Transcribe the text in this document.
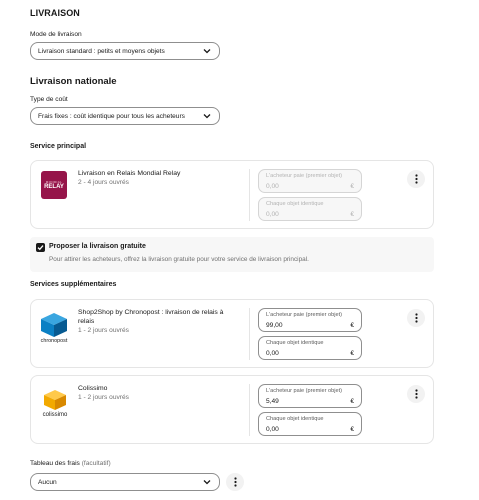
LIVRAISON
Mode de livraison
Livraison standard : petits et moyens objets
Livraison nationale
Type de coût
Frais fixes : coût identique pour tous les acheteurs
Service principal
MONDIAL
RELAY
Livraison en Relais Mondial Relay
2 - 4 jours ouvrés
L'acheteur paie (premier objet)
0,00	€
Chaque objet identique
0,00	€
Proposer la livraison gratuite
Pour attirer les acheteurs, offrez la livraison gratuite pour votre service de livraison principal.
Services supplémentaires
chronopost
Shop2Shop by Chronopost : livraison de relais à
relais
1 - 2 jours ouvrés
L'acheteur paie (premier objet)
99,00	€
Chaque objet identique
0,00	€
colissimo
Colissimo
1 - 2 jours ouvrés
L'acheteur paie (premier objet)
5,49	€
Chaque objet identique
0,00	€
Tableau des frais (facultatif)
Aucun
